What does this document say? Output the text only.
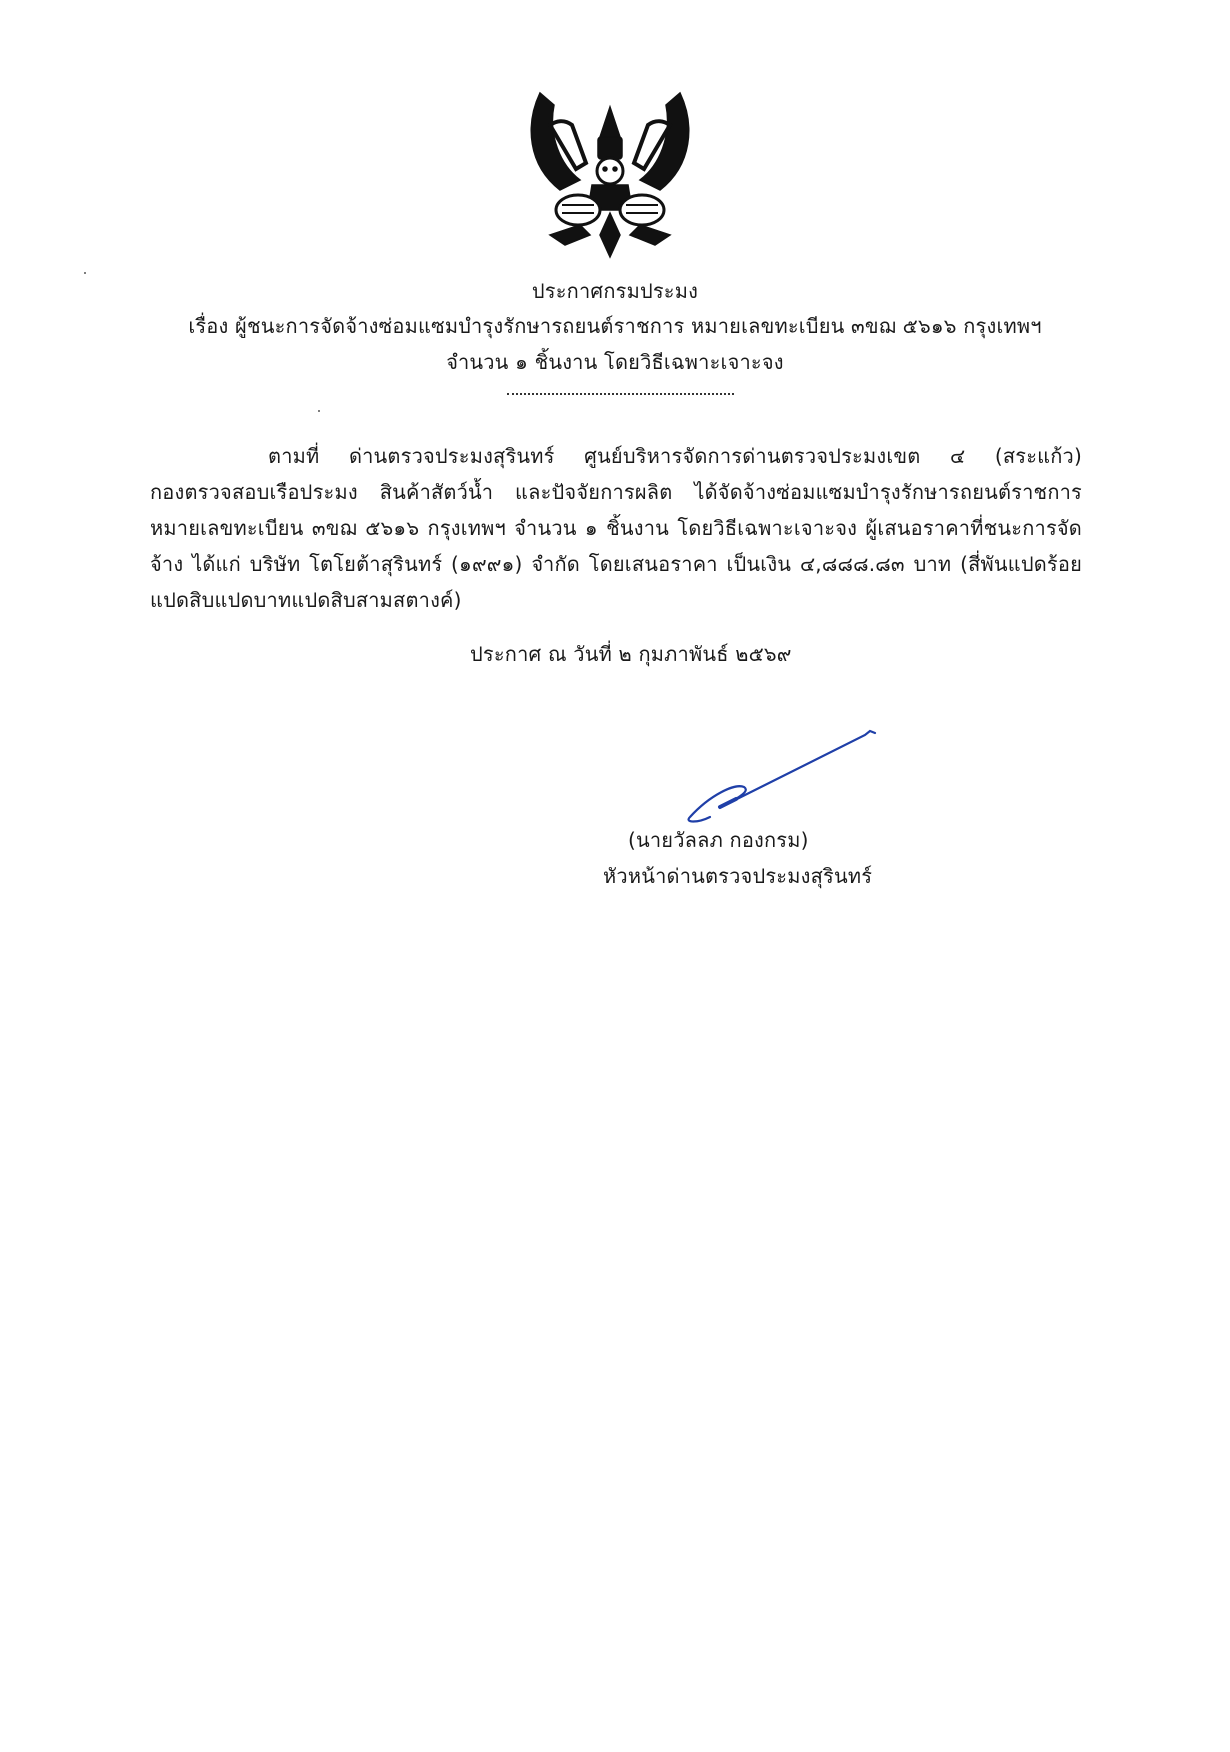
ประกาศกรมประมง
เรื่อง ผู้ชนะการจัดจ้างซ่อมแซมบำรุงรักษารถยนต์ราชการ หมายเลขทะเบียน ๓ขฌ ๕๖๑๖ กรุงเทพฯ
จำนวน ๑ ชิ้นงาน โดยวิธีเฉพาะเจาะจง
ตามที่ ด่านตรวจประมงสุรินทร์ ศูนย์บริหารจัดการด่านตรวจประมงเขต ๔ (สระแก้ว)
กองตรวจสอบเรือประมง สินค้าสัตว์น้ำ และปัจจัยการผลิต ได้จัดจ้างซ่อมแซมบำรุงรักษารถยนต์ราชการ
หมายเลขทะเบียน ๓ขฌ ๕๖๑๖ กรุงเทพฯ จำนวน ๑ ชิ้นงาน โดยวิธีเฉพาะเจาะจง ผู้เสนอราคาที่ชนะการจัด
จ้าง ได้แก่ บริษัท โตโยต้าสุรินทร์ (๑๙๙๑) จำกัด โดยเสนอราคา เป็นเงิน ๔,๘๘๘.๘๓ บาท (สี่พันแปดร้อย
แปดสิบแปดบาทแปดสิบสามสตางค์)
ประกาศ ณ วันที่ ๒ กุมภาพันธ์ ๒๕๖๙
(นายวัลลภ กองกรม)
หัวหน้าด่านตรวจประมงสุรินทร์
